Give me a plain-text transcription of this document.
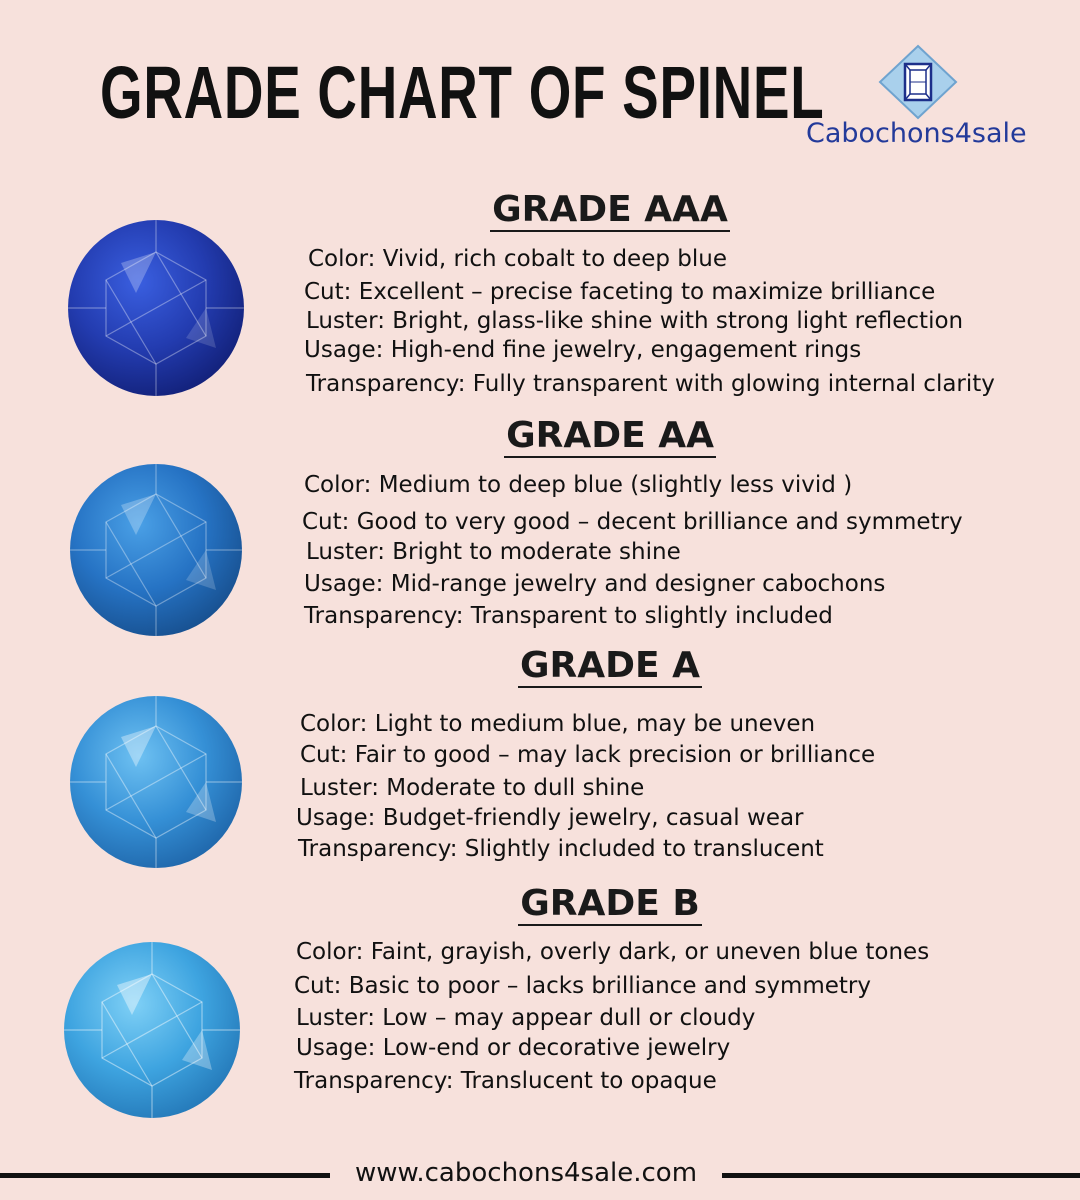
GRADE CHART OF SPINEL
Cabochons4sale
GRADE AAA
Color: Vivid, rich cobalt to deep blue
Cut: Excellent – precise faceting to maximize brilliance
Luster: Bright, glass-like shine with strong light reflection
Usage: High-end fine jewelry, engagement rings
Transparency: Fully transparent with glowing internal clarity
GRADE AA
Color: Medium to deep blue (slightly less vivid )
Cut: Good to very good – decent brilliance and symmetry
Luster: Bright to moderate shine
Usage: Mid-range jewelry and designer cabochons
Transparency: Transparent to slightly included
GRADE A
Color: Light to medium blue, may be uneven
Cut: Fair to good – may lack precision or brilliance
Luster: Moderate to dull shine
Usage: Budget-friendly jewelry, casual wear
Transparency: Slightly included to translucent
GRADE B
Color: Faint, grayish, overly dark, or uneven blue tones
Cut: Basic to poor – lacks brilliance and symmetry
Luster: Low – may appear dull or cloudy
Usage: Low-end or decorative jewelry
Transparency: Translucent to opaque
www.cabochons4sale.com
